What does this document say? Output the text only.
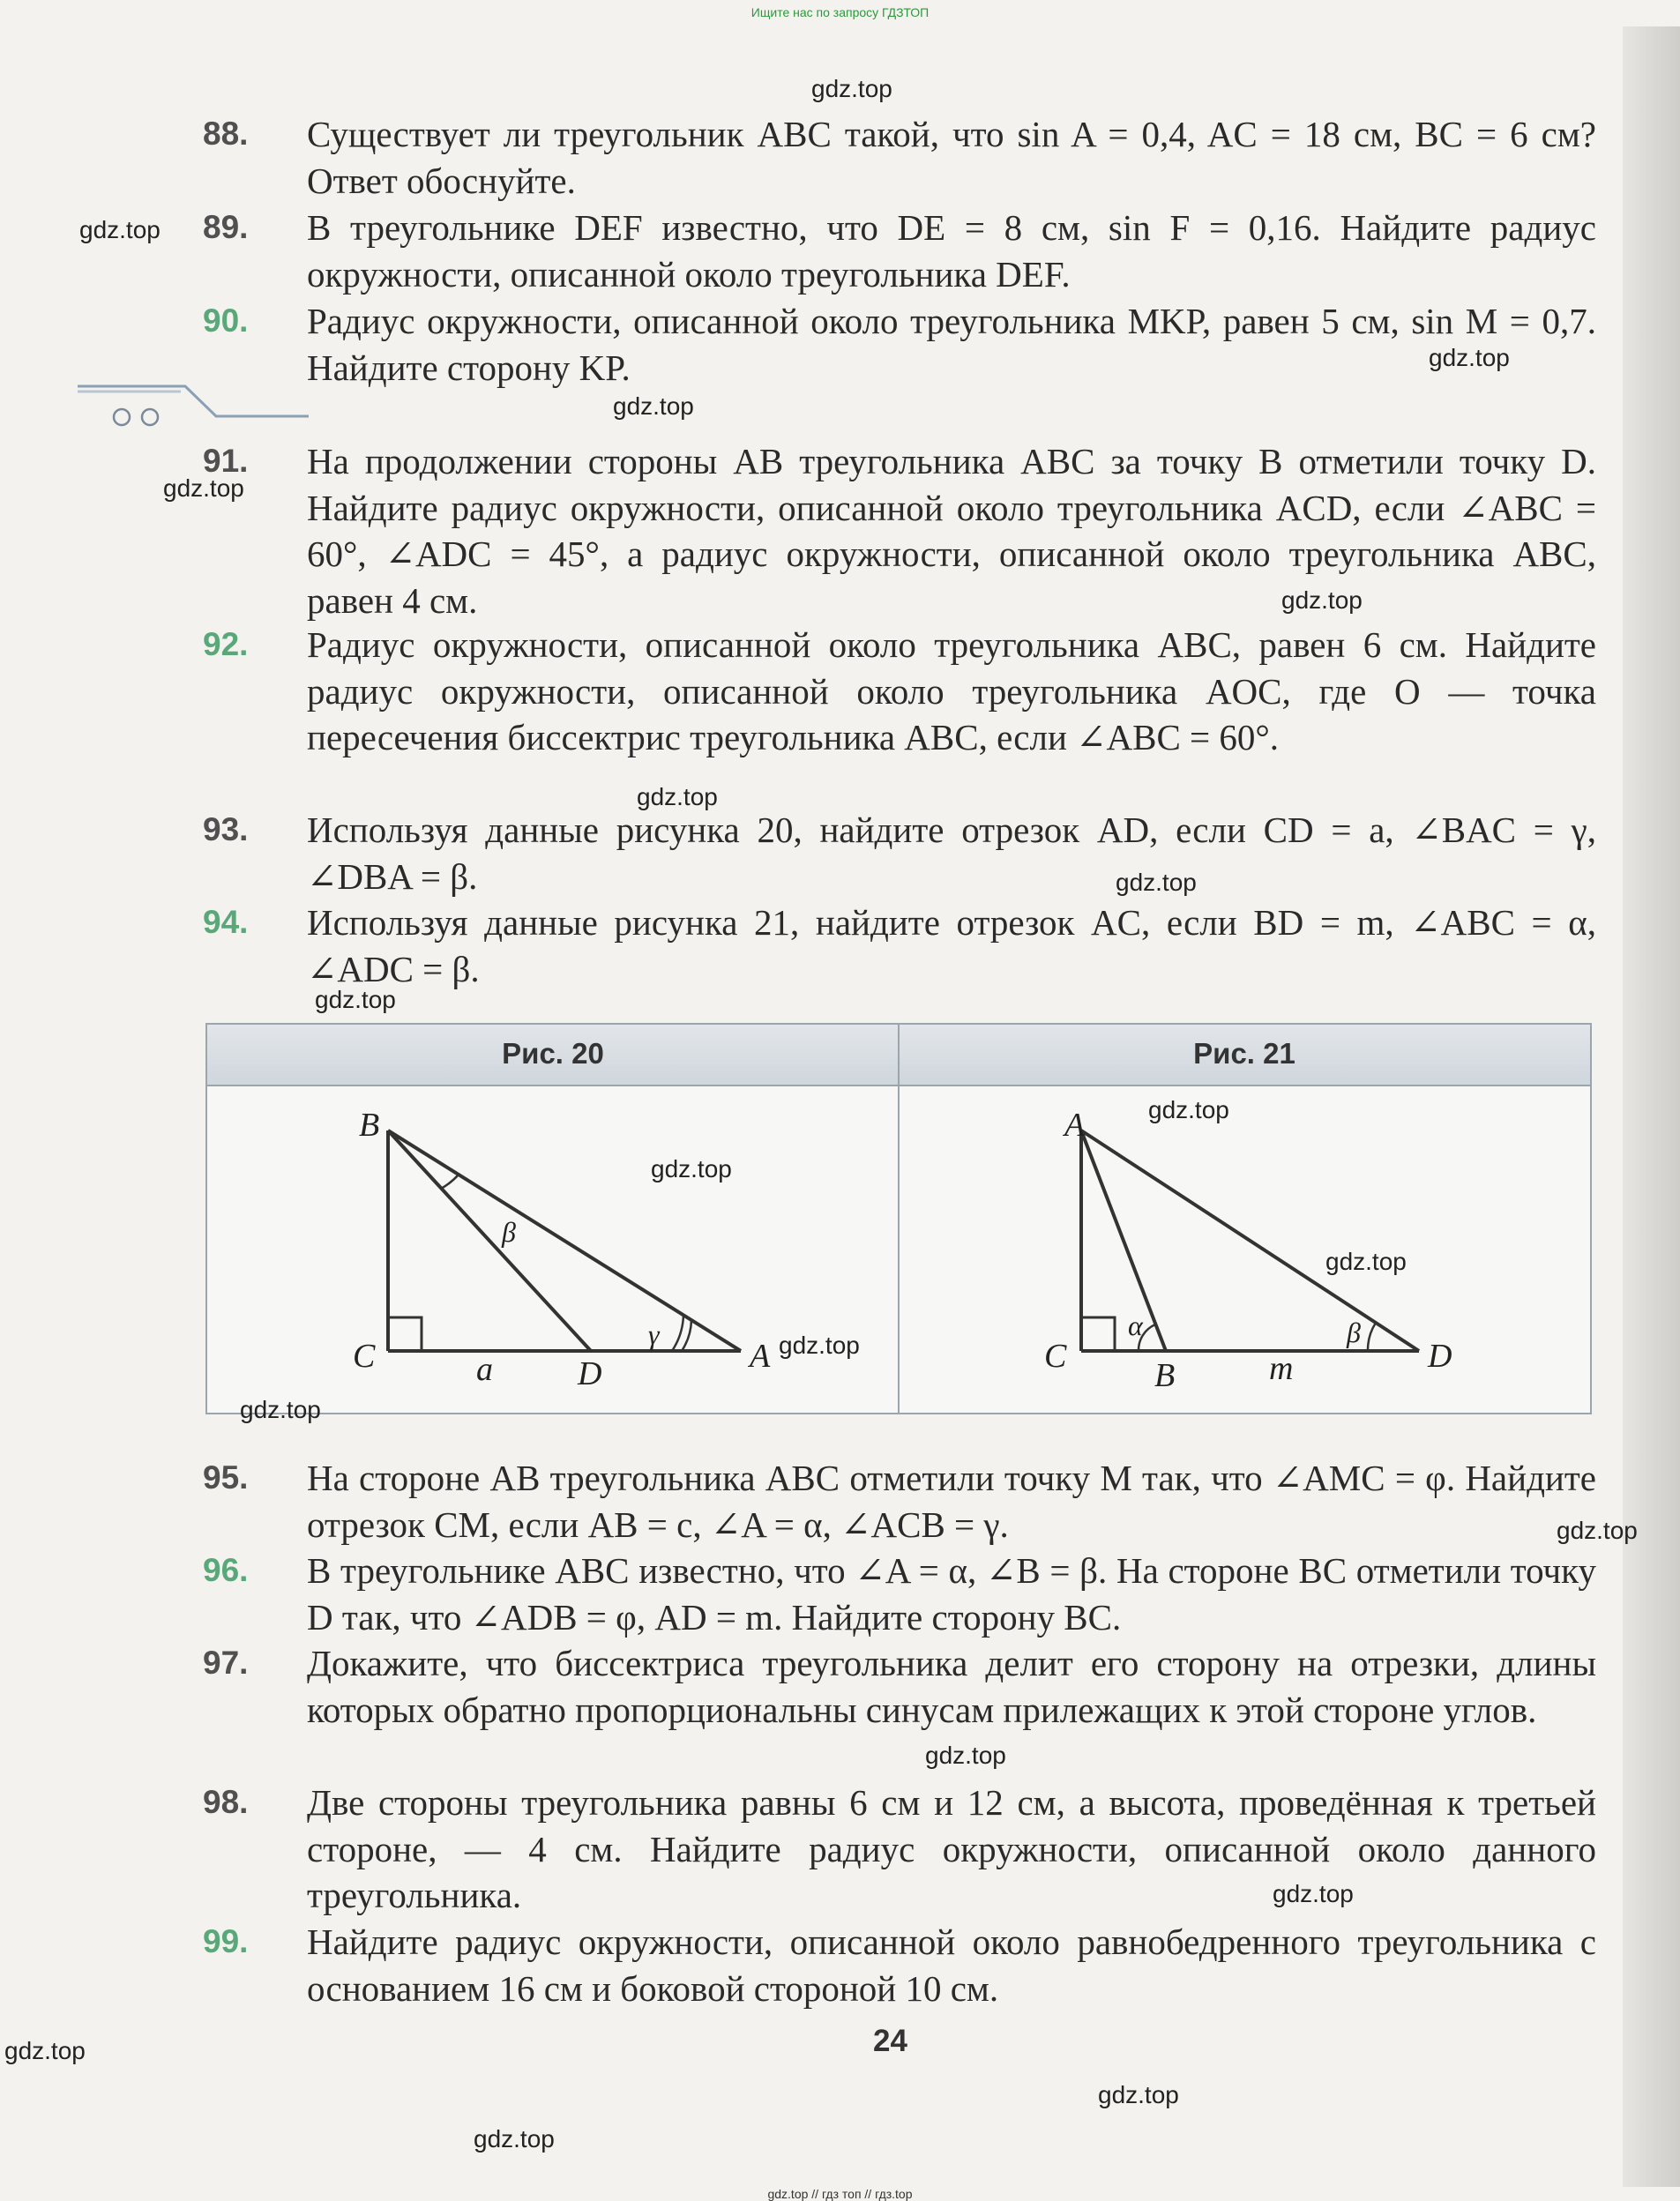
Ищите нас по запросу ГДЗТОП
88. Существует ли треугольник ABC такой, что sin A = 0,4, AC = 18 см, BC = 6 см? Ответ обоснуйте.
89. В треугольнике DEF известно, что DE = 8 см, sin F = 0,16. Найдите радиус окружности, описанной около треугольника DEF.
90. Радиус окружности, описанной около треугольника MKP, равен 5 см, sin M = 0,7. Найдите сторону KP.
91. На продолжении стороны AB треугольника ABC за точку B отметили точку D. Найдите радиус окружности, описанной около треугольника ACD, если ∠ABC = 60°, ∠ADC = 45°, а радиус окружности, описанной около треугольника ABC, равен 4 см.
92. Радиус окружности, описанной около треугольника ABC, равен 6 см. Найдите радиус окружности, описанной около треугольника AOC, где O — точка пересечения биссектрис треугольника ABC, если ∠ABC = 60°.
93. Используя данные рисунка 20, найдите отрезок AD, если CD = a, ∠BAC = γ, ∠DBA = β.
94. Используя данные рисунка 21, найдите отрезок AC, если BD = m, ∠ABC = α, ∠ADC = β.
Рис. 20	Рис. 21
B
C	D	A
a
β
γ
A
C
B
D
m
α	β
95. На стороне AB треугольника ABC отметили точку M так, что ∠AMC = φ. Найдите отрезок CM, если AB = c, ∠A = α, ∠ACB = γ.
96. В треугольнике ABC известно, что ∠A = α, ∠B = β. На стороне BC отметили точку D так, что ∠ADB = φ, AD = m. Найдите сторону BC.
97. Докажите, что биссектриса треугольника делит его сторону на отрезки, длины которых обратно пропорциональны синусам прилежащих к этой стороне углов.
98. Две стороны треугольника равны 6 см и 12 см, а высота, проведённая к третьей стороне, — 4 см. Найдите радиус окружности, описанной около данного треугольника.
99. Найдите радиус окружности, описанной около равнобедренного треугольника с основанием 16 см и боковой стороной 10 см.
24
gdz.top // гдз топ // гдз.top
gdz.top
gdz.top
gdz.top
gdz.top
gdz.top
gdz.top
gdz.top
gdz.top
gdz.top
gdz.top
gdz.top
gdz.top
gdz.top
gdz.top
gdz.top
gdz.top
gdz.top
gdz.top
gdz.top
gdz.top
